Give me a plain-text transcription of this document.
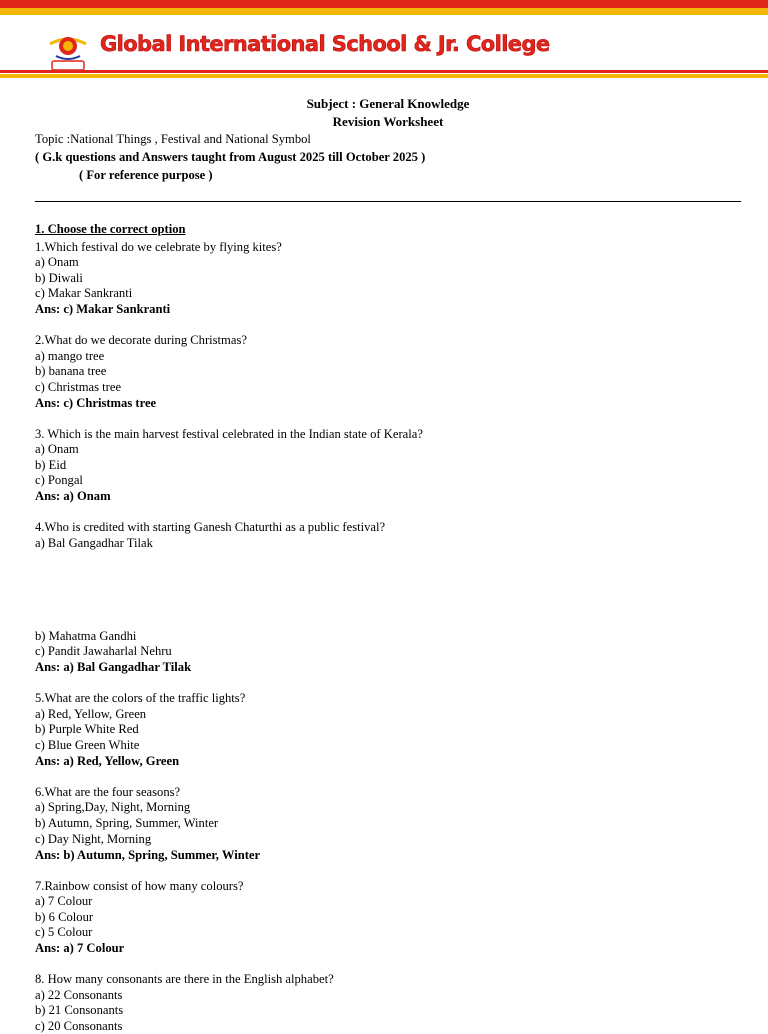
Global International School & Jr. College
Subject : General Knowledge
Revision Worksheet
Topic :National Things , Festival and National Symbol
( G.k questions and Answers taught from August 2025 till October 2025 )
( For reference purpose )
1. Choose the correct option
1.Which festival do we celebrate by flying kites?
a) Onam
b) Diwali
c) Makar Sankranti
Ans: c) Makar Sankranti
2.What do we decorate during Christmas?
a) mango tree
b) banana tree
c) Christmas tree
Ans: c) Christmas tree
3. Which is the main harvest festival celebrated in the Indian state of Kerala?
a) Onam
b) Eid
c) Pongal
Ans: a) Onam
4.Who is credited with starting Ganesh Chaturthi as a public festival?
a) Bal Gangadhar Tilak
b) Mahatma Gandhi
c) Pandit Jawaharlal Nehru
Ans: a) Bal Gangadhar Tilak
5.What are the colors of the traffic lights?
a) Red, Yellow, Green
b) Purple White Red
c) Blue Green White
Ans: a) Red, Yellow, Green
6.What are the four seasons?
a) Spring,Day, Night, Morning
b) Autumn, Spring, Summer, Winter
c) Day Night, Morning
Ans: b) Autumn, Spring, Summer, Winter
7.Rainbow consist of how many colours?
a) 7 Colour
b) 6 Colour
c) 5 Colour
Ans: a) 7 Colour
8. How many consonants are there in the English alphabet?
a) 22 Consonants
b) 21 Consonants
c) 20 Consonants
